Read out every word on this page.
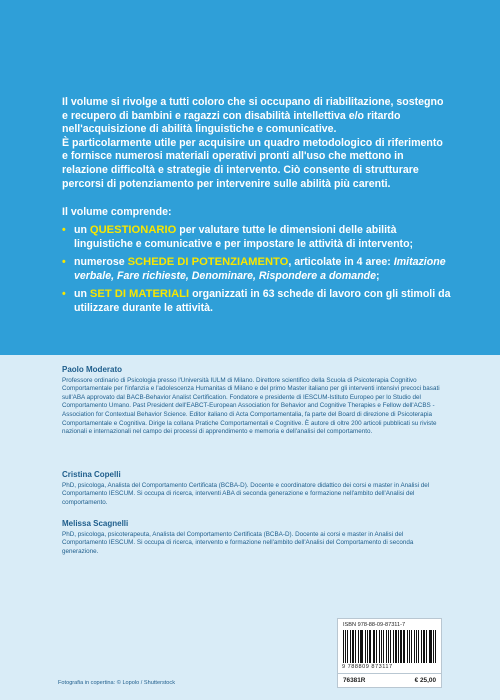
Il volume si rivolge a tutti coloro che si occupano di riabilitazione, sostegno e recupero di bambini e ragazzi con disabilità intellettiva e/o ritardo nell'acquisizione di abilità linguistiche e comunicative.

È particolarmente utile per acquisire un quadro metodologico di riferimento e fornisce numerosi materiali operativi pronti all'uso che mettono in relazione difficoltà e strategie di intervento. Ciò consente di strutturare percorsi di potenziamento per intervenire sulle abilità più carenti.

Il volume comprende:
• un QUESTIONARIO per valutare tutte le dimensioni delle abilità linguistiche e comunicative e per impostare le attività di intervento;
• numerose SCHEDE DI POTENZIAMENTO, articolate in 4 aree: Imitazione verbale, Fare richieste, Denominare, Rispondere a domande;
• un SET DI MATERIALI organizzati in 63 schede di lavoro con gli stimoli da utilizzare durante le attività.
Paolo Moderato

Professore ordinario di Psicologia presso l'Università IULM di Milano. Direttore scientifico della Scuola di Psicoterapia Cognitivo Comportamentale per l'infanzia e l'adolescenza Humanitas di Milano e del primo Master italiano per gli interventi intensivi precoci basati sull'ABA approvato dal BACB-Behavior Analist Certification. Fondatore e presidente di IESCUM-Istituto Europeo per lo Studio del Comportamento Umano. Past President dell'EABCT-European Association for Behavior and Cognitive Therapies e Fellow dell'ACBS - Association for Contextual Behavior Science. Editor italiano di Acta Comportamentalia, fa parte del Board di direzione di Psicoterapia Comportamentale e Cognitiva. Dirige la collana Pratiche Comportamentali e Cognitive. È autore di oltre 200 articoli pubblicati su riviste nazionali e internazionali nel campo dei processi di apprendimento e memoria e dell'analisi del comportamento.

Cristina Copelli

PhD, psicologa, Analista del Comportamento Certificata (BCBA-D). Docente e coordinatore didattico dei corsi e master in Analisi del Comportamento IESCUM. Si occupa di ricerca, interventi ABA di seconda generazione e formazione nell'ambito dell'Analisi del comportamento.

Melissa Scagnelli

PhD, psicologa, psicoterapeuta, Analista del Comportamento Certificata (BCBA-D). Docente ai corsi e master in Analisi del Comportamento IESCUM. Si occupa di ricerca, intervento e formazione nell'ambito dell'Analisi del Comportamento di seconda generazione.

ISBN 978-88-09-87311-7
9 788809 873117
76381R	€ 25,00
Fotografia in copertina: © Lopolo / Shutterstock
